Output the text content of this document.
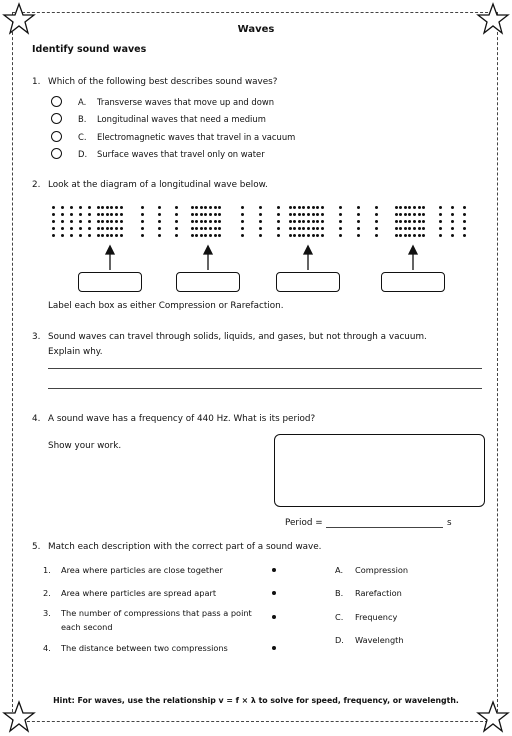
Waves
Identify sound waves
1. Which of the following best describes sound waves?
A. Transverse waves that move up and down
B. Longitudinal waves that need a medium
C. Electromagnetic waves that travel in a vacuum
D. Surface waves that travel only on water
2. Look at the diagram of a longitudinal wave below.
Label each box as either Compression or Rarefaction.
3. Sound waves can travel through solids, liquids, and gases, but not through a vacuum.
Explain why.
4. A sound wave has a frequency of 440 Hz. What is its period?
Show your work.
Period =	s
5. Match each description with the correct part of a sound wave.
1. Area where particles are close together
2. Area where particles are spread apart
3. The number of compressions that pass a point
each second
4. The distance between two compressions
A. Compression
B. Rarefaction
C. Frequency
D. Wavelength
Hint: For waves, use the relationship v = f × λ to solve for speed, frequency, or wavelength.
